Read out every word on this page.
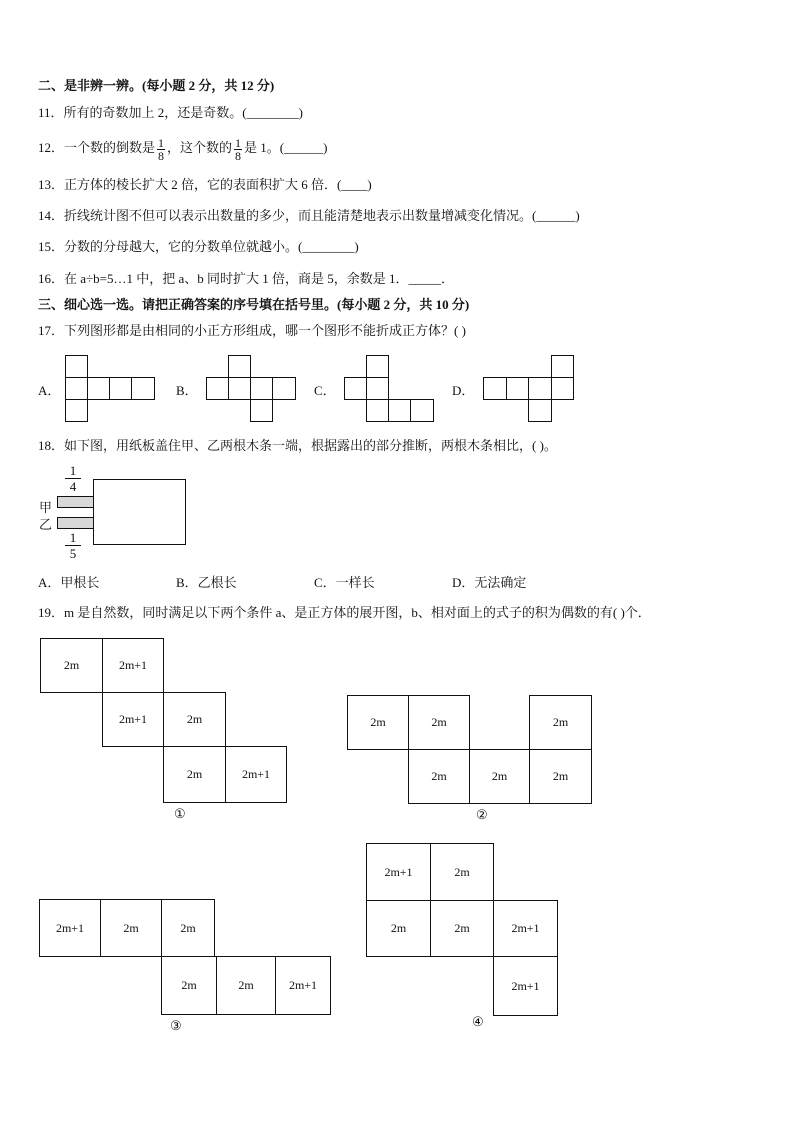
二、是非辨一辨。(每小题 2 分，共 12 分)
11．所有的奇数加上 2，还是奇数。(________)
12．一个数的倒数是 $\frac{1}{8}$ ，这个数的 $\frac{1}{8}$ 是 1。(______)
13．正方体的棱长扩大 2 倍，它的表面积扩大 6 倍．(____)
14．折线统计图不但可以表示出数量的多少，而且能清楚地表示出数量增减变化情况。(______)
15．分数的分母越大，它的分数单位就越小。(________)
16．在 a÷b=5…1 中，把 a、b 同时扩大 1 倍，商是 5，余数是 1．_____．
三、细心选一选。请把正确答案的序号填在括号里。(每小题 2 分，共 10 分)
17．下列图形都是由相同的小正方形组成，哪一个图形不能折成正方体？( )
A．	B．	C．	D．
18．如下图，用纸板盖住甲、乙两根木条一端，根据露出的部分推断，两根木条相比，( )。
$\frac{1}{4}$
甲
乙
$\frac{1}{5}$
A．甲根长	B．乙根长	C．一样长	D．无法确定
19．m 是自然数，同时满足以下两个条件 a、是正方体的展开图，b、相对面上的式子的积为偶数的有( )个．
2m	2m+1
2m+1	2m
2m	2m+1
①
2m	2m	2m
2m	2m	2m
②
2m+1	2m	2m
2m	2m	2m+1
③
2m+1	2m
2m	2m	2m+1
2m+1
④
